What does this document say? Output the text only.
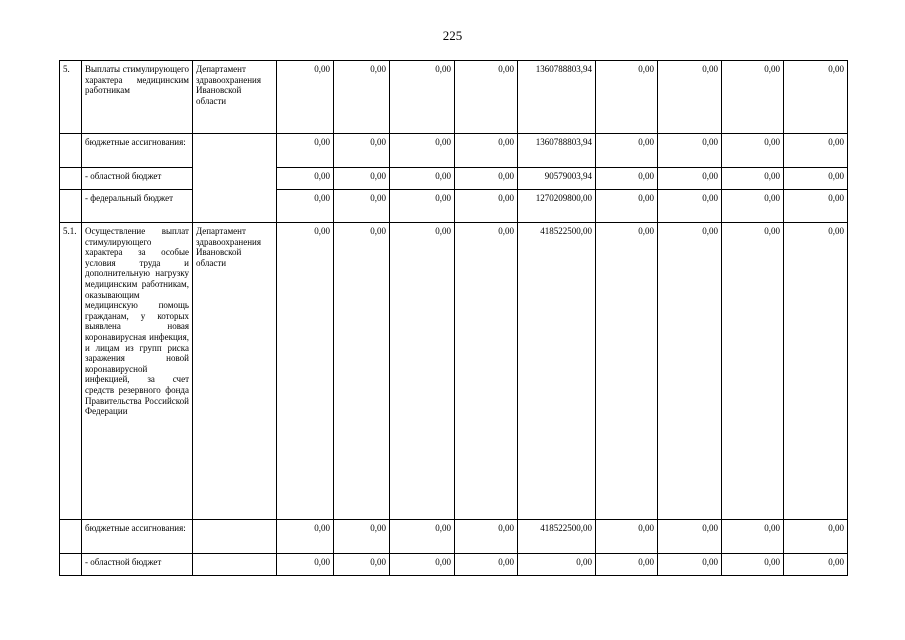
225
5.	Выплаты стимулирующего характера медицинским работникам	Департамент здравоохранения Ивановской области	0,00	0,00	0,00	0,00	1360788803,94	0,00	0,00	0,00	0,00
	бюджетные ассигнования:		0,00	0,00	0,00	0,00	1360788803,94	0,00	0,00	0,00	0,00
	- областной бюджет		0,00	0,00	0,00	0,00	90579003,94	0,00	0,00	0,00	0,00
	- федеральный бюджет		0,00	0,00	0,00	0,00	1270209800,00	0,00	0,00	0,00	0,00
5.1.	Осуществление выплат стимулирующего характера за особые условия труда и дополнительную нагрузку медицинским работникам, оказывающим медицинскую помощь гражданам, у которых выявлена новая коронавирусная инфекция, и лицам из групп риска заражения новой коронавирусной инфекцией, за счет средств резервного фонда Правительства Российской Федерации	Департамент здравоохранения Ивановской области	0,00	0,00	0,00	0,00	418522500,00	0,00	0,00	0,00	0,00
	бюджетные ассигнования:		0,00	0,00	0,00	0,00	418522500,00	0,00	0,00	0,00	0,00
	- областной бюджет		0,00	0,00	0,00	0,00	0,00	0,00	0,00	0,00	0,00
